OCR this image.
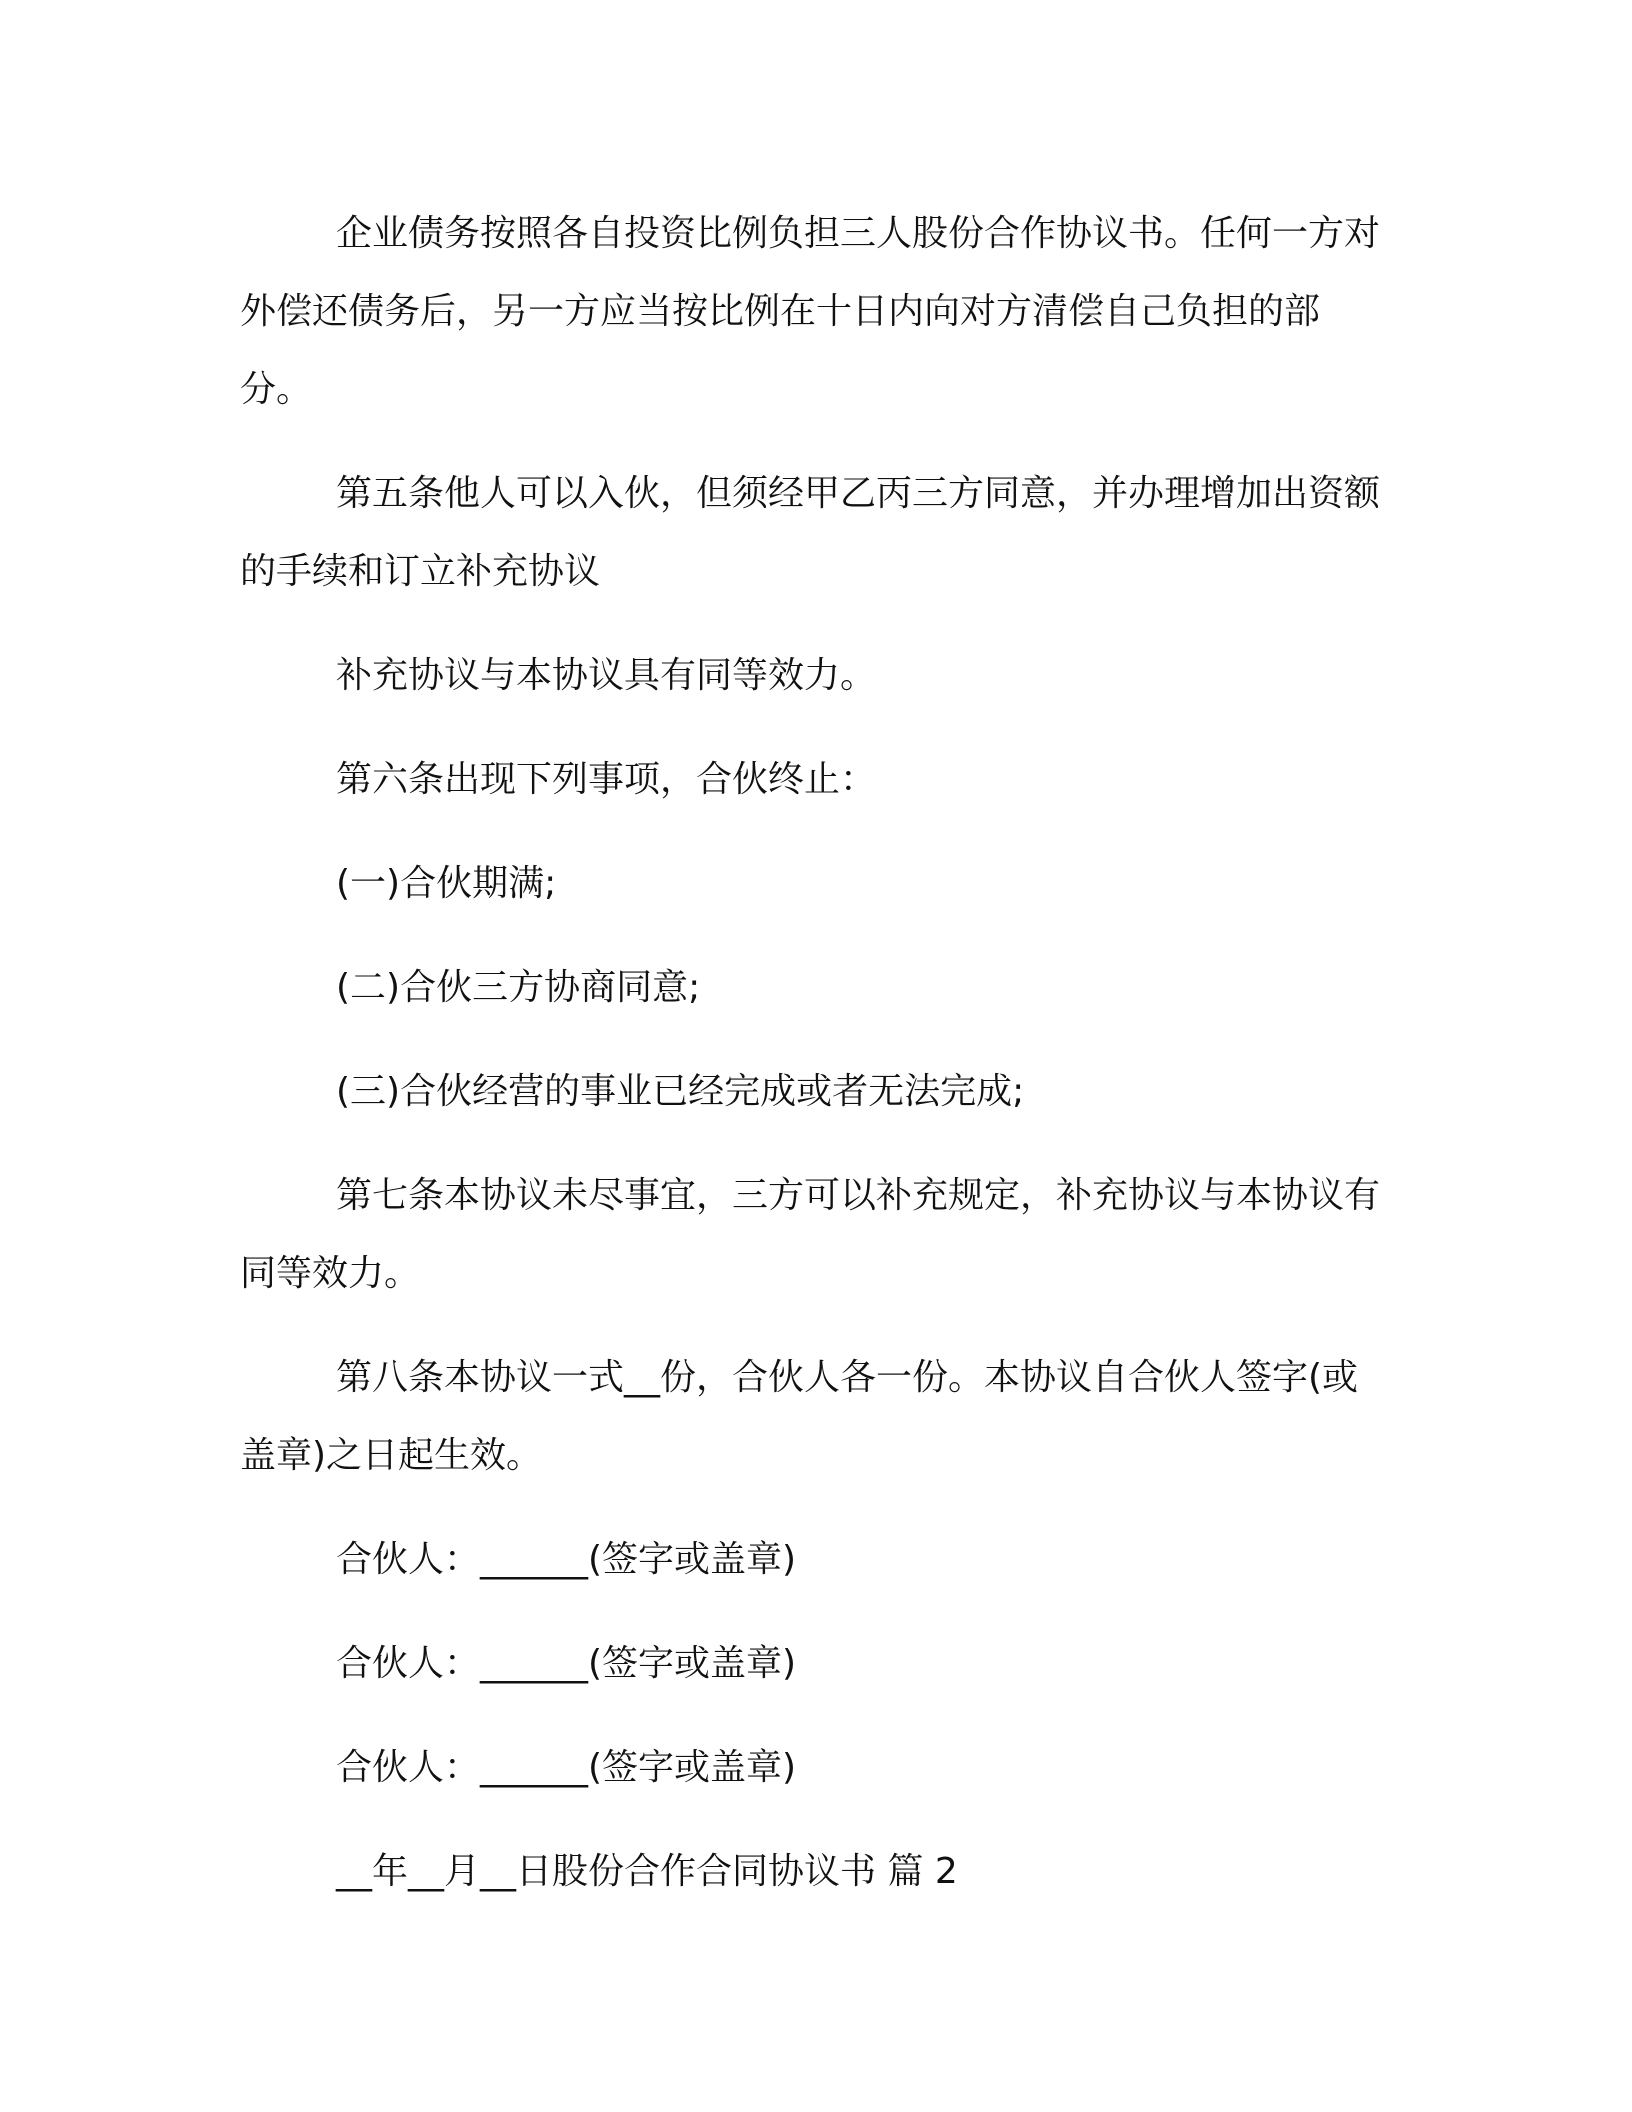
企业债务按照各自投资比例负担三人股份合作协议书。任何一方对外偿还债务后，另一方应当按比例在十日内向对方清偿自己负担的部分。

第五条他人可以入伙，但须经甲乙丙三方同意，并办理增加出资额的手续和订立补充协议

补充协议与本协议具有同等效力。

第六条出现下列事项，合伙终止：

(一)合伙期满;

(二)合伙三方协商同意;

(三)合伙经营的事业已经完成或者无法完成;

第七条本协议未尽事宜，三方可以补充规定，补充协议与本协议有同等效力。

第八条本协议一式__份，合伙人各一份。本协议自合伙人签字(或盖章)之日起生效。

合伙人：______(签字或盖章)

合伙人：______(签字或盖章)

合伙人：______(签字或盖章)

__年__月__日股份合作合同协议书 篇 2
